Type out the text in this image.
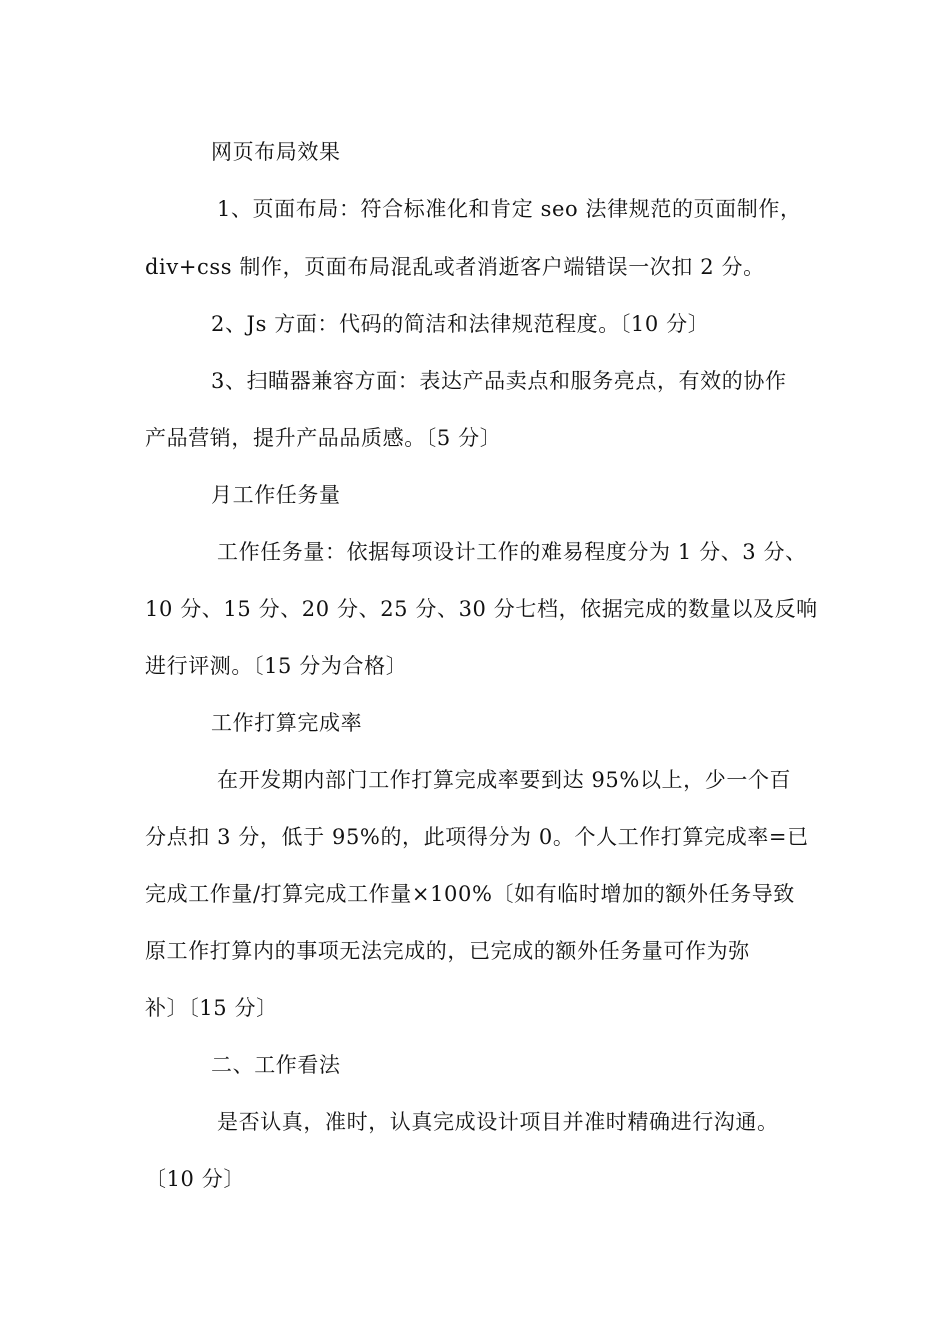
网页布局效果
1、页面布局：符合标准化和肯定 seo 法律规范的页面制作，
div+css 制作，页面布局混乱或者消逝客户端错误一次扣 2 分。
2、Js 方面：代码的简洁和法律规范程度。〔10 分〕
3、扫瞄器兼容方面：表达产品卖点和服务亮点，有效的协作
产品营销，提升产品品质感。〔5 分〕
月工作任务量
工作任务量：依据每项设计工作的难易程度分为 1 分、3 分、
10 分、15 分、20 分、25 分、30 分七档，依据完成的数量以及反响
进行评测。〔15 分为合格〕
工作打算完成率
在开发期内部门工作打算完成率要到达 95%以上，少一个百
分点扣 3 分，低于 95%的，此项得分为 0。个人工作打算完成率=已
完成工作量/打算完成工作量×100%〔如有临时增加的额外任务导致
原工作打算内的事项无法完成的，已完成的额外任务量可作为弥
补〕〔15 分〕
二、工作看法
是否认真，准时，认真完成设计项目并准时精确进行沟通。
〔10 分〕
